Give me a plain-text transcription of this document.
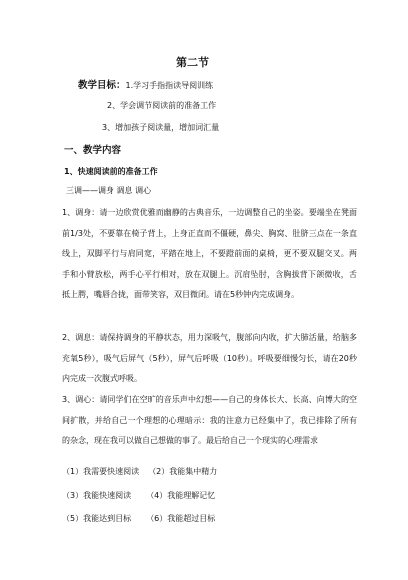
第二节
教学目标：1.学习手指指读导阅训练
2、学会调节阅读前的准备工作
3、增加孩子阅读量，增加词汇量
一、教学内容
1、快速阅读前的准备工作
三调——调身 调息 调心
1、调身：请一边欣赏优雅而幽静的古典音乐，一边调整自己的坐姿。要端坐在凳面前1/3处，不要靠在椅子背上，上身正直而不僵硬，鼻尖、胸窝、肚脐三点在一条直线上，双脚平行与肩同宽，平踏在地上，不要蹬前面的桌椅，更不要双腿交叉。两手和小臂放松，两手心平行相对，放在双腿上。沉肩坠肘，含胸拔背下颌微收，舌抵上腭，嘴唇合拢，面带笑容，双目微闭。请在5秒钟内完成调身。
2、调息：请保持调身的平静状态，用力深吸气，腹部向内收，扩大肺活量，给脑多充氧5秒），吸气后屏气（5秒），屏气后呼吸（10秒）。呼吸要细慢匀长，请在20秒内完成一次腹式呼吸。
3、调心：请同学们在空旷的音乐声中幻想——自己的身体长大、长高、向博大的空间扩散，并给自己一个理想的心理暗示：我的注意力已经集中了，我已排除了所有的杂念，现在我可以做自己想做的事了。最后给自己一个现实的心理需求
（1）我需要快速阅读 （2）我能集中精力
（3）我能快速阅读 （4）我能理解记忆
（5）我能达到目标 （6）我能超过目标
